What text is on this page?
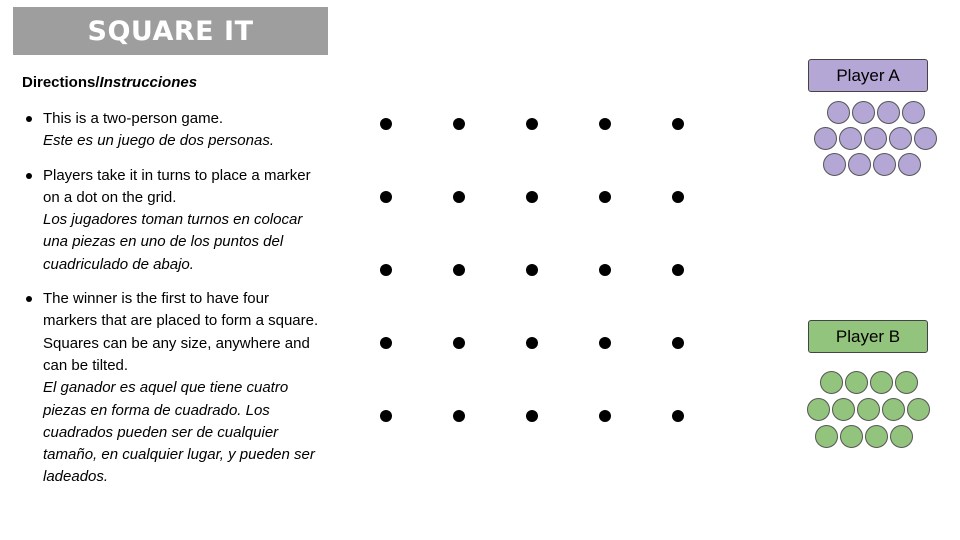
SQUARE IT
Directions/Instrucciones
This is a two-person game.
Este es un juego de dos personas.
Players take it in turns to place a marker on a dot on the grid.
Los jugadores toman turnos en colocar una piezas en uno de los puntos del cuadriculado de abajo.
The winner is the first to have four markers that are placed to form a square. Squares can be any size, anywhere and can be tilted.
El ganador es aquel que tiene cuatro piezas en forma de cuadrado. Los cuadrados pueden ser de cualquier tamaño, en cualquier lugar, y pueden ser ladeados.
Player A
Player B
